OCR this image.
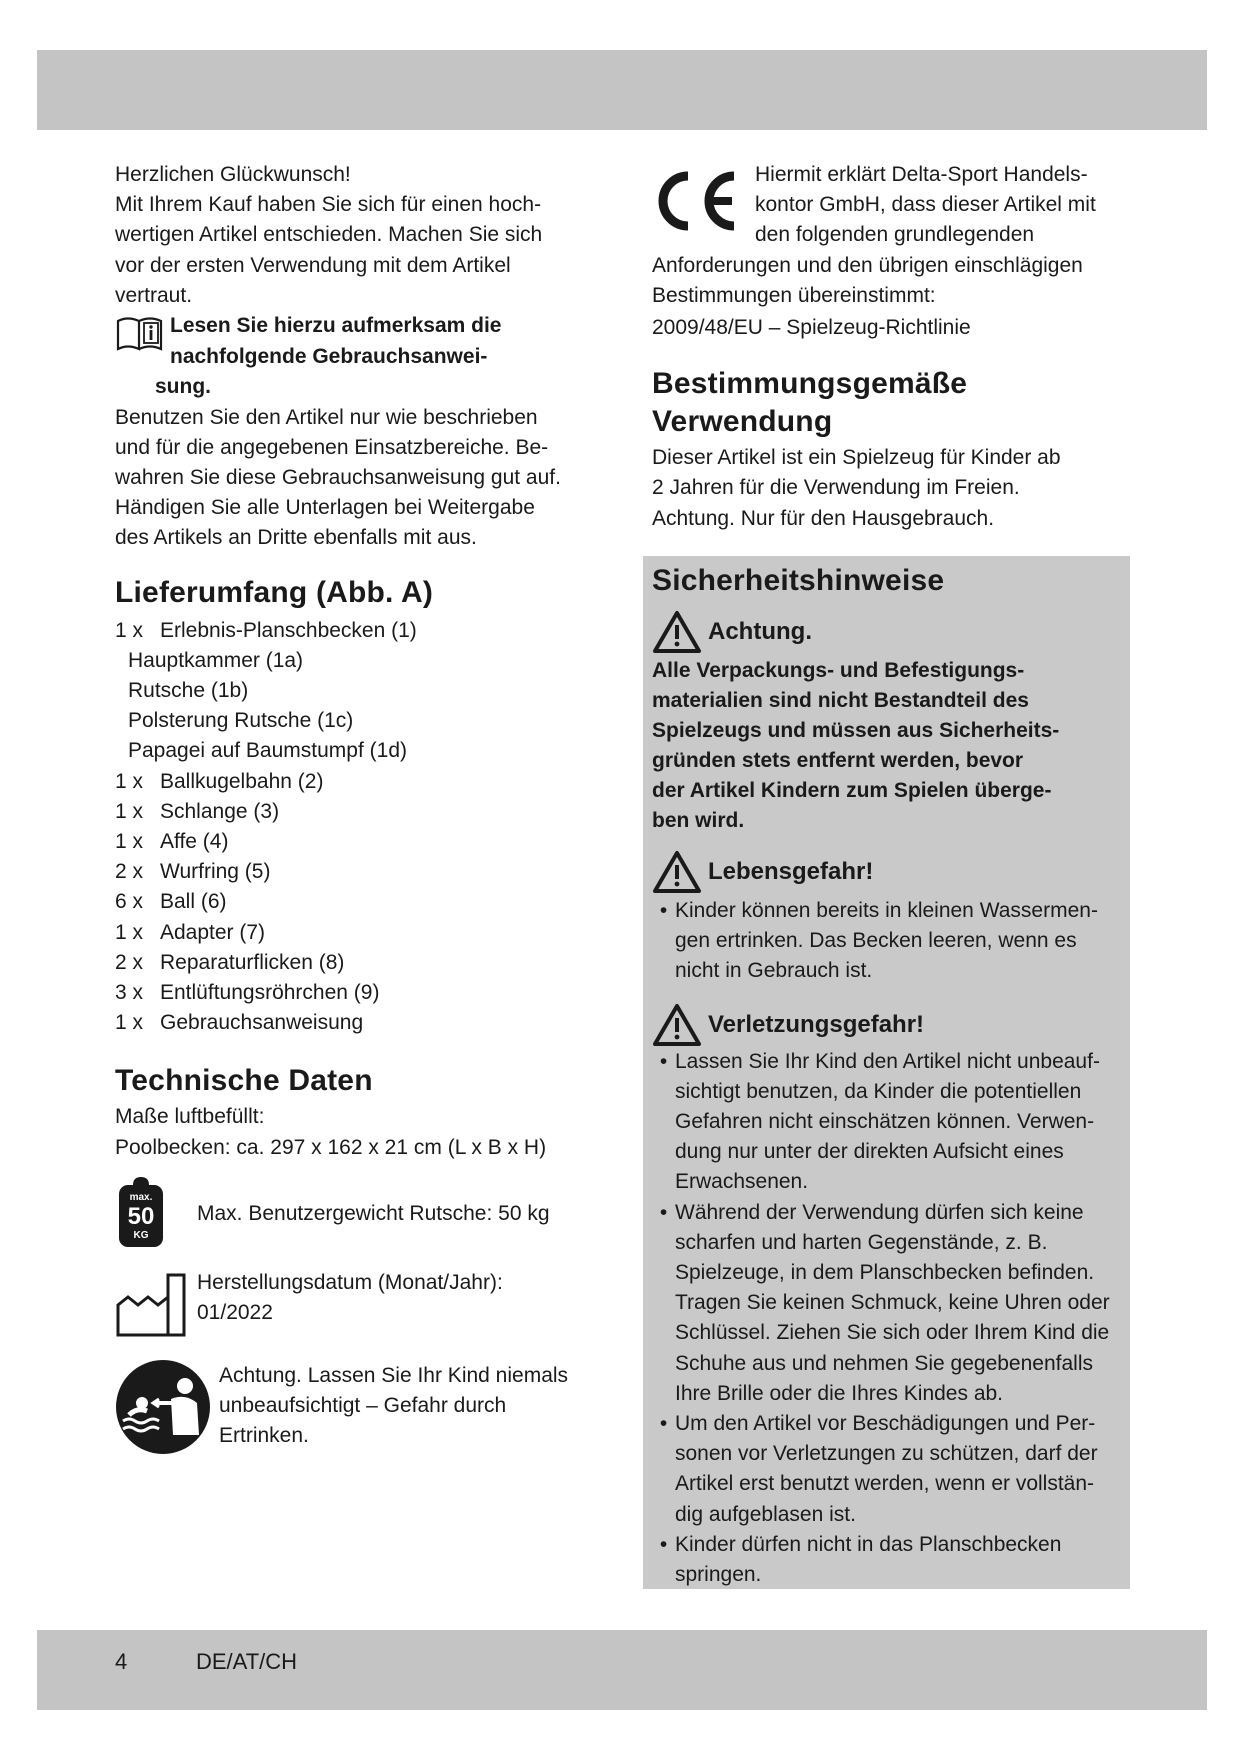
Herzlichen Glückwunsch!

Mit Ihrem Kauf haben Sie sich für einen hoch-

wertigen Artikel entschieden. Machen Sie sich

vor der ersten Verwendung mit dem Artikel

vertraut.

Lesen Sie hierzu aufmerksam die
nachfolgende Gebrauchsanwei-
sung.

Benutzen Sie den Artikel nur wie beschrieben

und für die angegebenen Einsatzbereiche. Be-

wahren Sie diese Gebrauchsanweisung gut auf.

Händigen Sie alle Unterlagen bei Weitergabe

des Artikels an Dritte ebenfalls mit aus.

Lieferumfang (Abb. A)
1 x Erlebnis-Planschbecken (1)
Hauptkammer (1a)
Rutsche (1b)
Polsterung Rutsche (1c)
Papagei auf Baumstumpf (1d)
1 x Ballkugelbahn (2)
1 x Schlange (3)
1 x Affe (4)
2 x Wurfring (5)
6 x Ball (6)
1 x Adapter (7)
2 x Reparaturflicken (8)
3 x Entlüftungsröhrchen (9)
1 x Gebrauchsanweisung
Technische Daten

Maße luftbefüllt:

Poolbecken: ca. 297 x 162 x 21 cm (L x B x H)

max.
50
KG
Max. Benutzergewicht Rutsche: 50 kg
Herstellungsdatum (Monat/Jahr):
01/2022
Achtung. Lassen Sie Ihr Kind niemals
unbeaufsichtigt – Gefahr durch
Ertrinken.
Hiermit erklärt Delta-Sport Handels-
kontor GmbH, dass dieser Artikel mit
den folgenden grundlegenden

Anforderungen und den übrigen einschlägigen

Bestimmungen übereinstimmt:

2009/48/EU – Spielzeug-Richtlinie

Bestimmungsgemäße
Verwendung

Dieser Artikel ist ein Spielzeug für Kinder ab

2 Jahren für die Verwendung im Freien.

Achtung. Nur für den Hausgebrauch.

Sicherheitshinweise
Achtung.
Alle Verpackungs- und Befestigungs-
materialien sind nicht Bestandteil des
Spielzeugs und müssen aus Sicherheits-
gründen stets entfernt werden, bevor
der Artikel Kindern zum Spielen überge-
ben wird.
Lebensgefahr!
• Kinder können bereits in kleinen Wassermen-
gen ertrinken. Das Becken leeren, wenn es
nicht in Gebrauch ist.
Verletzungsgefahr!
• Lassen Sie Ihr Kind den Artikel nicht unbeauf-
sichtigt benutzen, da Kinder die potentiellen
Gefahren nicht einschätzen können. Verwen-
dung nur unter der direkten Aufsicht eines
Erwachsenen.
• Während der Verwendung dürfen sich keine
scharfen und harten Gegenstände, z. B.
Spielzeuge, in dem Planschbecken befinden.
Tragen Sie keinen Schmuck, keine Uhren oder
Schlüssel. Ziehen Sie sich oder Ihrem Kind die
Schuhe aus und nehmen Sie gegebenenfalls
Ihre Brille oder die Ihres Kindes ab.
• Um den Artikel vor Beschädigungen und Per-
sonen vor Verletzungen zu schützen, darf der
Artikel erst benutzt werden, wenn er vollstän-
dig aufgeblasen ist.
• Kinder dürfen nicht in das Planschbecken
springen.
4	DE/AT/CH
